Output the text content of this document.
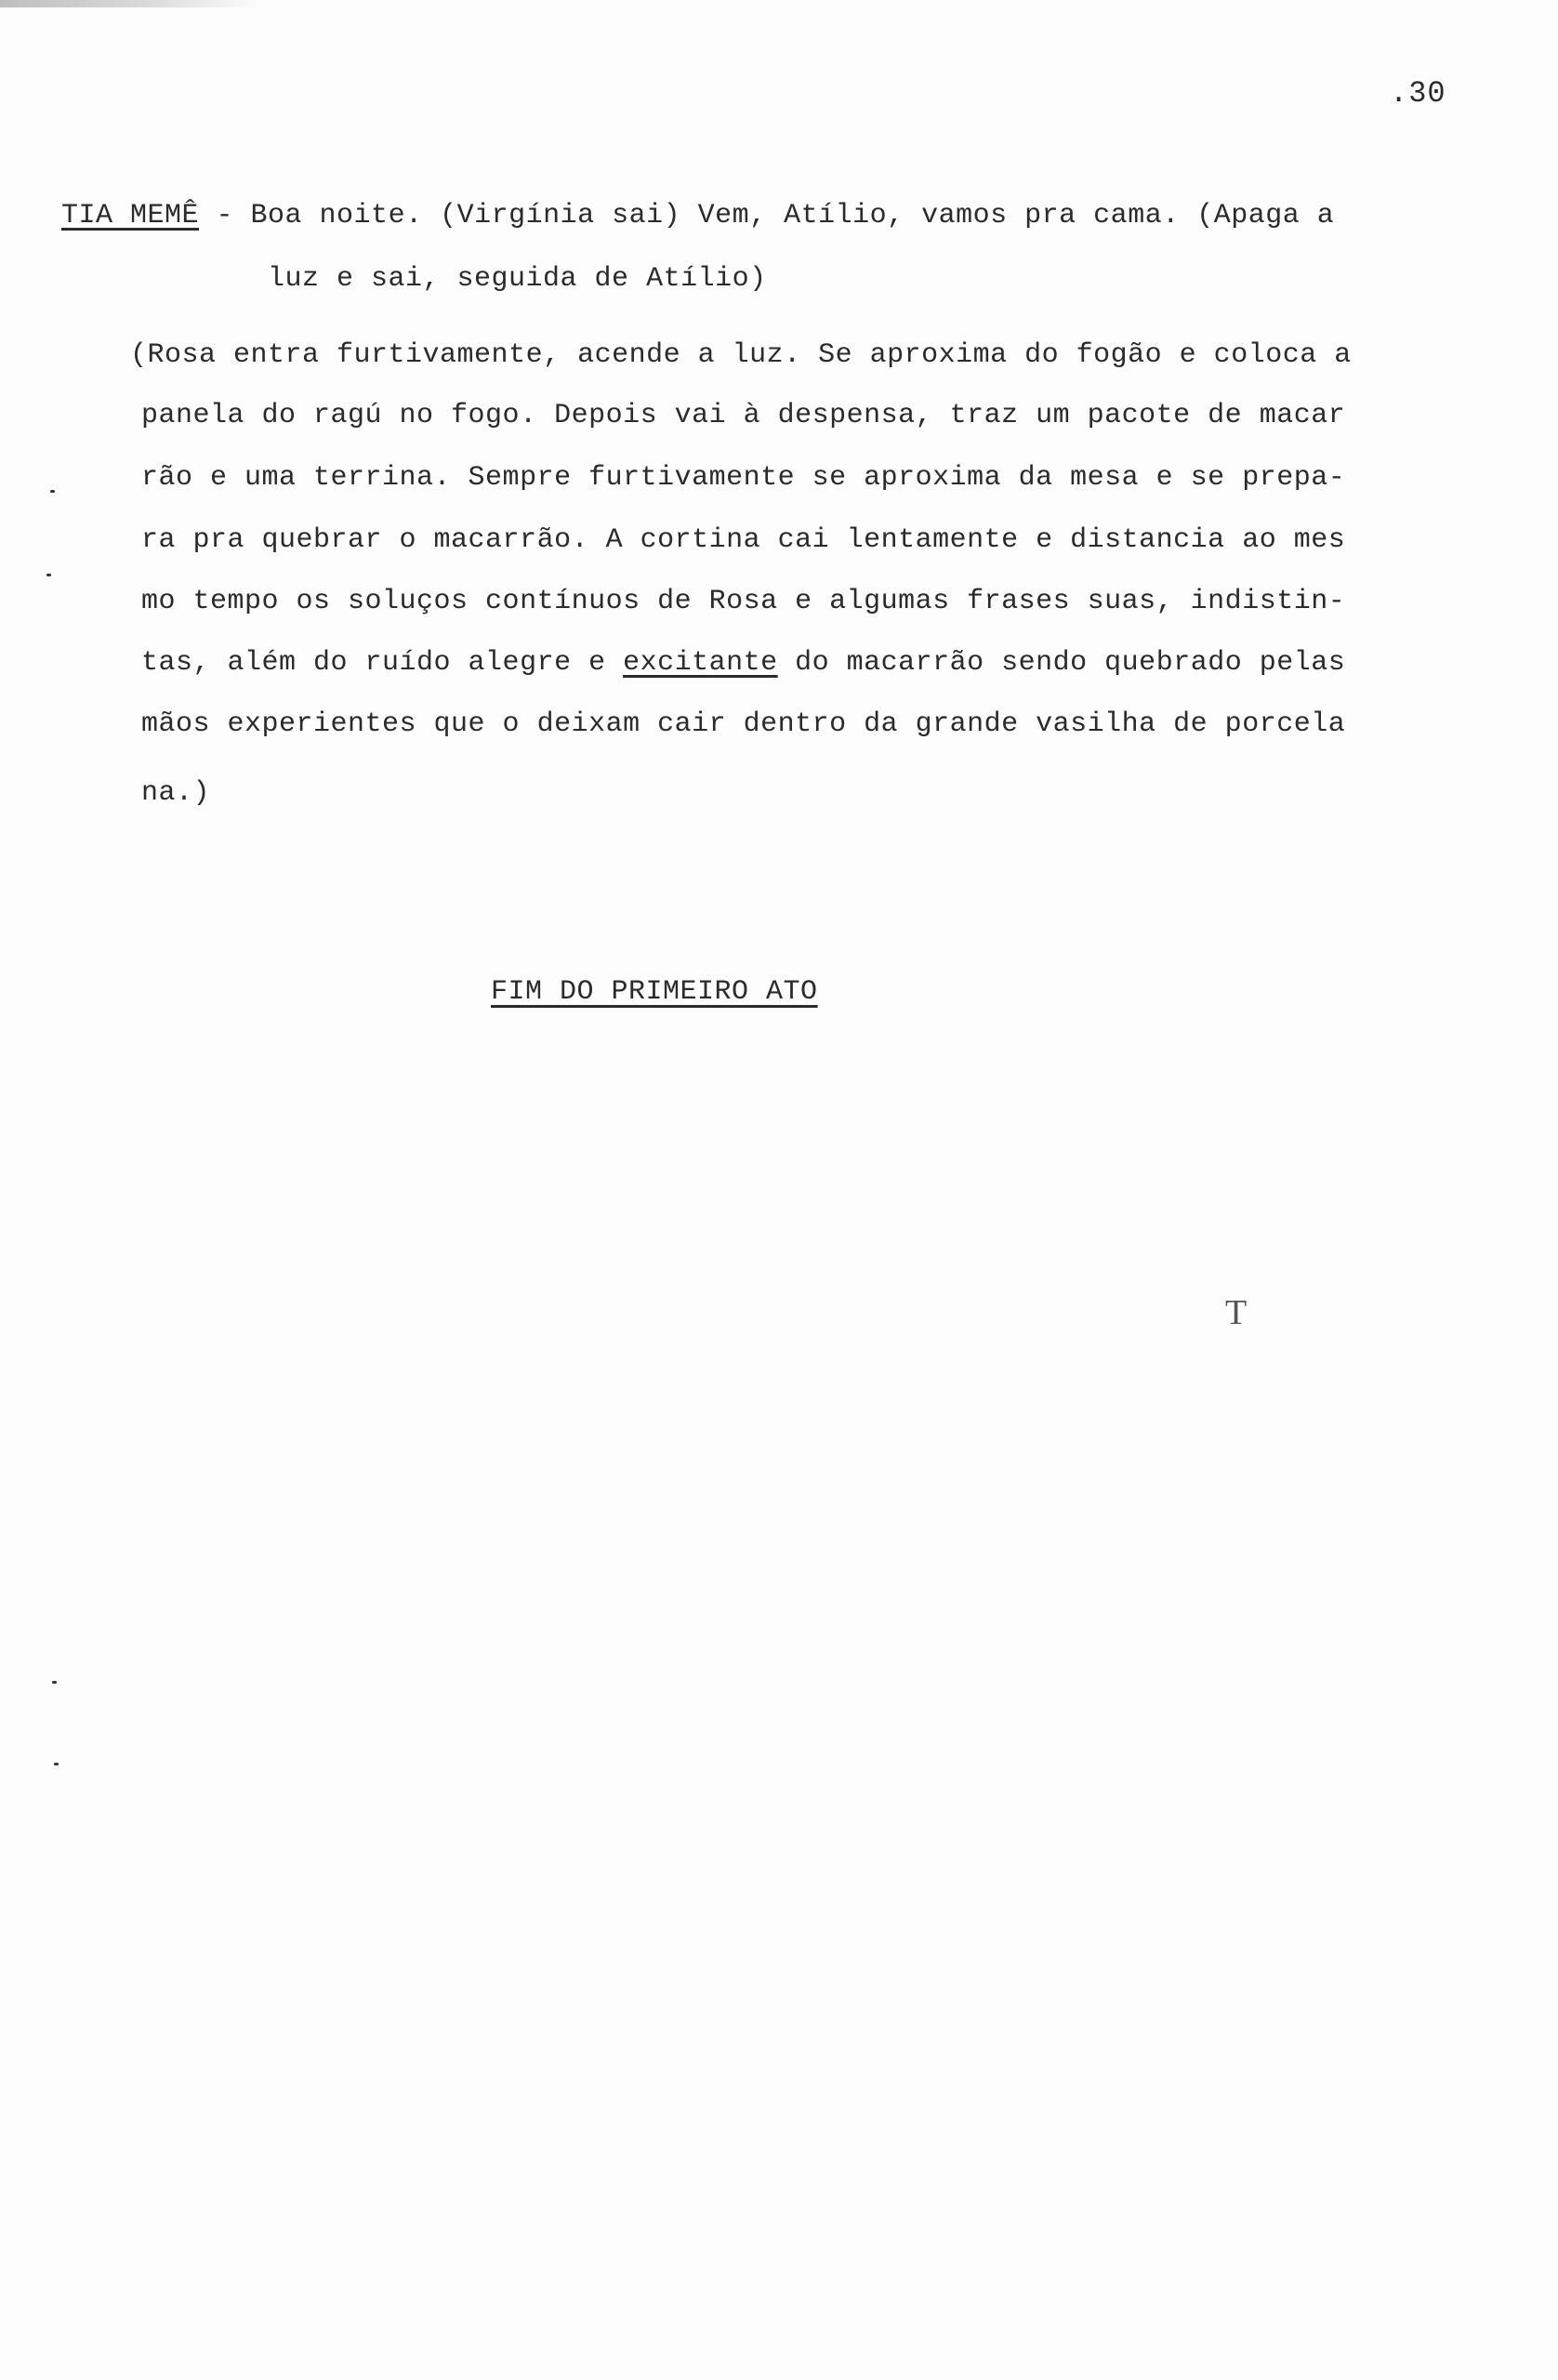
.30
TIA MEMÊ - Boa noite. (Virgínia sai) Vem, Atílio, vamos pra cama. (Apaga a
luz e sai, seguida de Atílio)
(Rosa entra furtivamente, acende a luz. Se aproxima do fogão e coloca a
panela do ragú no fogo. Depois vai à despensa, traz um pacote de macar
rão e uma terrina. Sempre furtivamente se aproxima da mesa e se prepa-
ra pra quebrar o macarrão. A cortina cai lentamente e distancia ao mes
mo tempo os soluços contínuos de Rosa e algumas frases suas, indistin-
tas, além do ruído alegre e excitante do macarrão sendo quebrado pelas
mãos experientes que o deixam cair dentro da grande vasilha de porcela
na.)
FIM DO PRIMEIRO ATO
T
